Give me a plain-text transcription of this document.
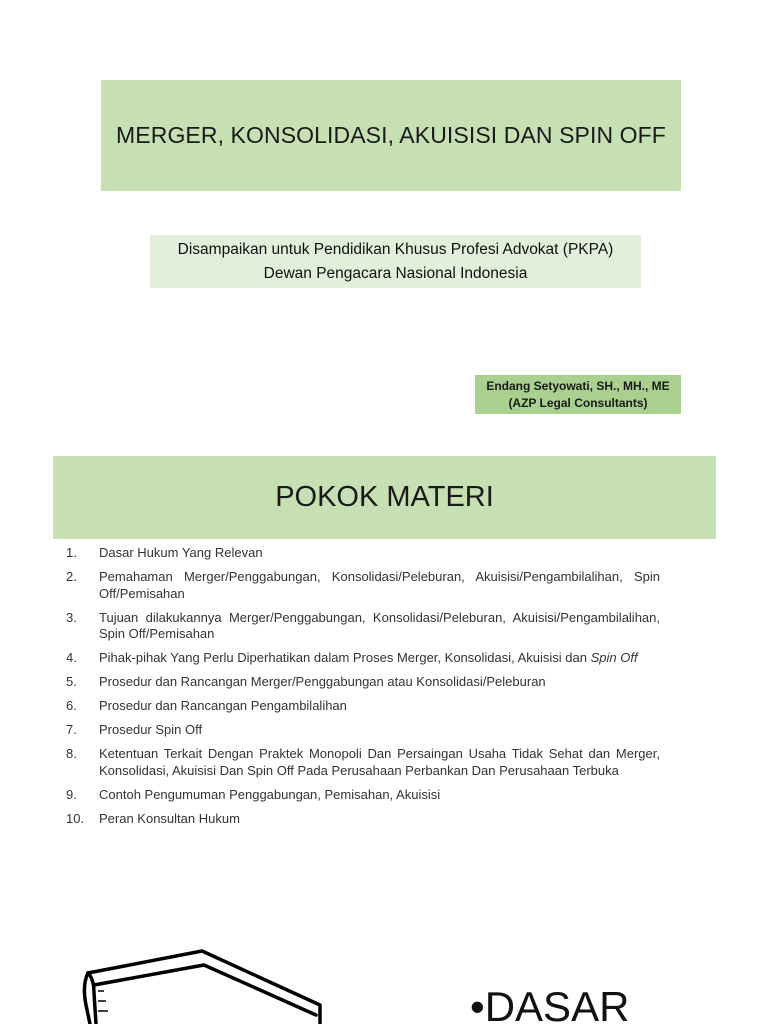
MERGER, KONSOLIDASI, AKUISISI DAN SPIN OFF
Disampaikan untuk Pendidikan Khusus Profesi Advokat (PKPA)
Dewan Pengacara Nasional Indonesia
Endang Setyowati, SH., MH., ME
(AZP Legal Consultants)
POKOK MATERI
1.	Dasar Hukum Yang Relevan
2.	Pemahaman Merger/Penggabungan, Konsolidasi/Peleburan, Akuisisi/Pengambilalihan, Spin Off/Pemisahan
3.	Tujuan dilakukannya Merger/Penggabungan, Konsolidasi/Peleburan, Akuisisi/Pengambilalihan, Spin Off/Pemisahan
4.	Pihak-pihak Yang Perlu Diperhatikan dalam Proses Merger, Konsolidasi, Akuisisi dan Spin Off
5.	Prosedur dan Rancangan Merger/Penggabungan atau Konsolidasi/Peleburan
6.	Prosedur dan Rancangan Pengambilalihan
7.	Prosedur Spin Off
8.	Ketentuan Terkait Dengan Praktek Monopoli Dan Persaingan Usaha Tidak Sehat dan Merger, Konsolidasi, Akuisisi Dan Spin Off Pada Perusahaan Perbankan Dan Perusahaan Terbuka
9.	Contoh Pengumuman Penggabungan, Pemisahan, Akuisisi
10.	Peran Konsultan Hukum
•DASAR
